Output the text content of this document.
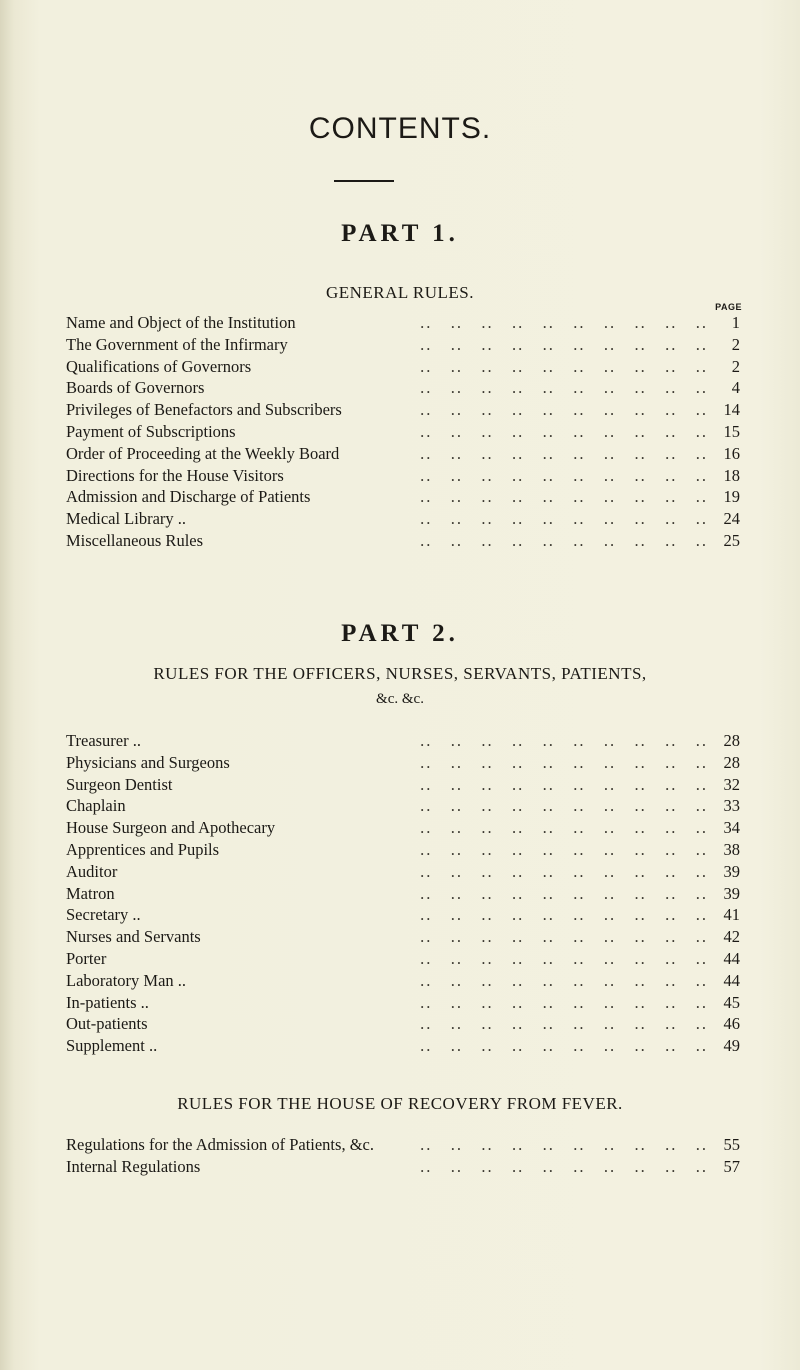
CONTENTS.
PART 1.
GENERAL RULES.
PAGE
Name and Object of the Institution ..	1
The Government of the Infirmary ..	2
Qualifications of Governors ..	2
Boards of Governors ..	4
Privileges of Benefactors and Subscribers ..	14
Payment of Subscriptions ..	15
Order of Proceeding at the Weekly Board ..	16
Directions for the House Visitors ..	18
Admission and Discharge of Patients ..	19
Medical Library .. ..	24
Miscellaneous Rules ..	25
PART 2.
RULES FOR THE OFFICERS, NURSES, SERVANTS, PATIENTS,
&c. &c.
Treasurer .. ..	28
Physicians and Surgeons ..	28
Surgeon Dentist ..	32
Chaplain ..	33
House Surgeon and Apothecary ..	34
Apprentices and Pupils ..	38
Auditor ..	39
Matron ..	39
Secretary .. ..	41
Nurses and Servants ..	42
Porter ..	44
Laboratory Man .. ..	44
In-patients .. ..	45
Out-patients ..	46
Supplement .. ..	49
RULES FOR THE HOUSE OF RECOVERY FROM FEVER.
Regulations for the Admission of Patients, &c. ..	55
Internal Regulations ..	57
